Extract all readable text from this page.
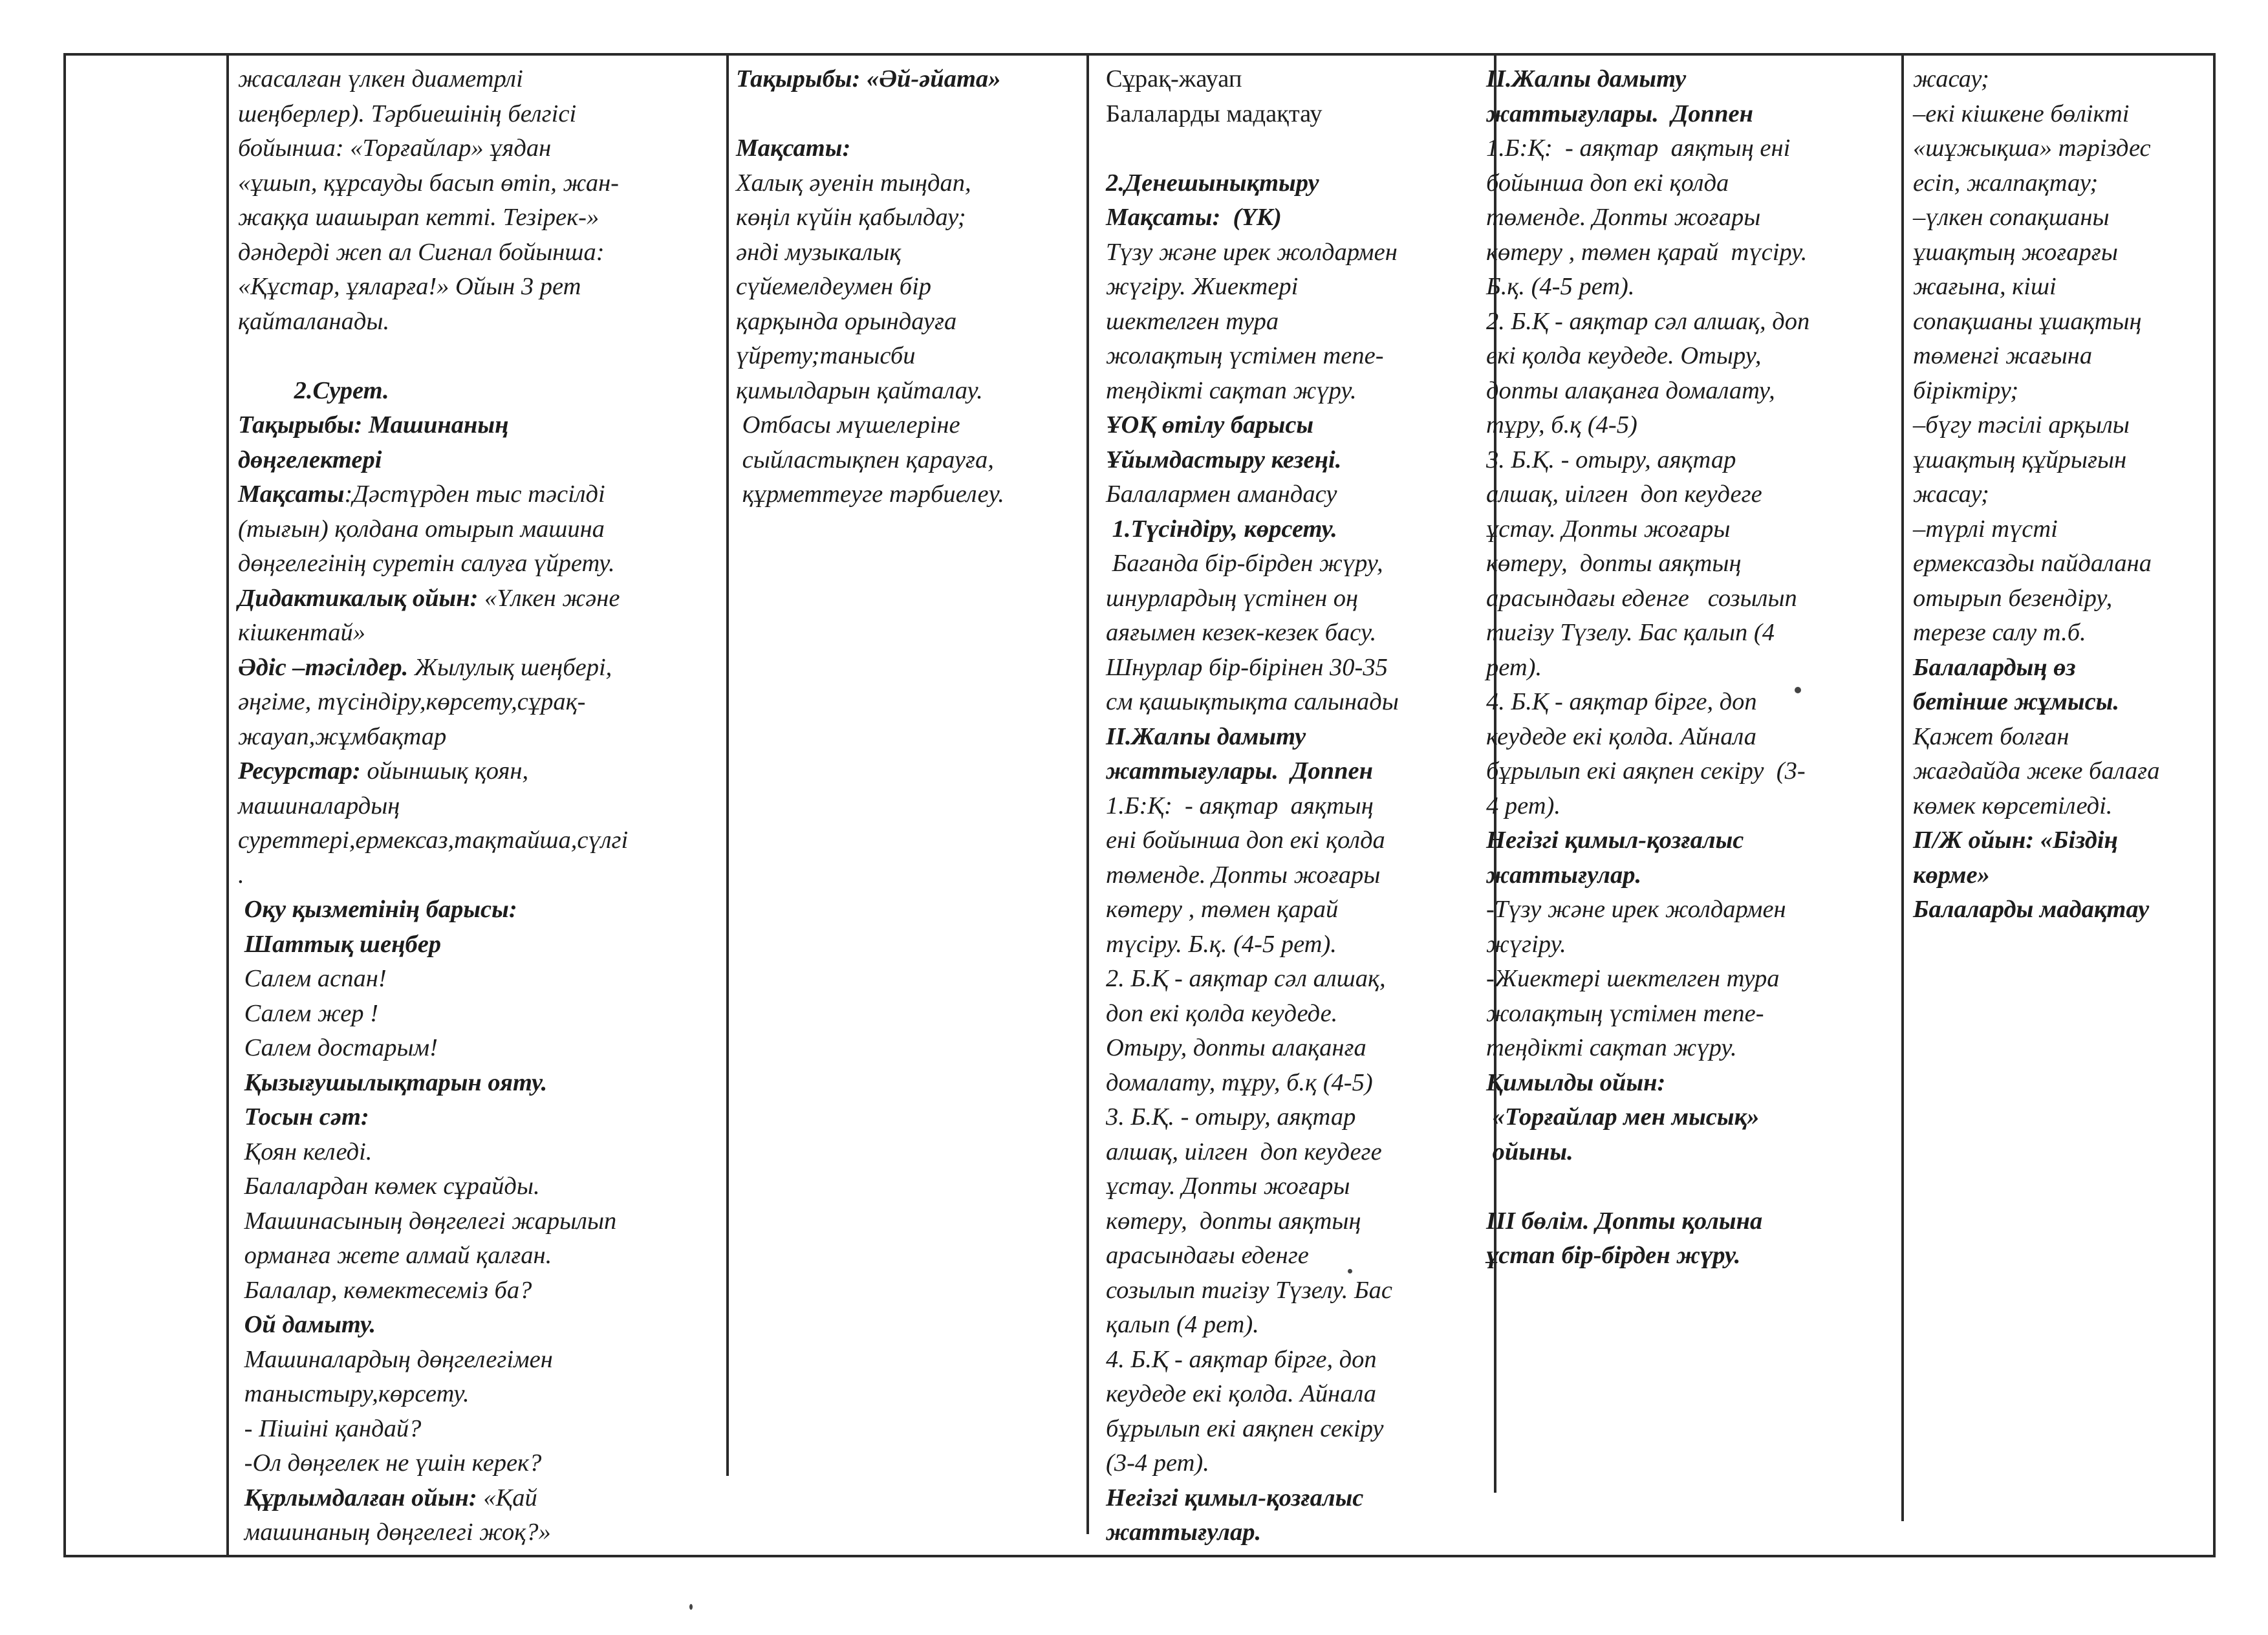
жасалған үлкен диаметрлі
шеңберлер). Тәрбиешінің белгісі
бойынша: «Торғайлар» ұядан
«ұшып, құрсауды басып өтіп, жан-
жаққа шашырап кетті. Тезірек-»
дәндерді жеп ал Сигнал бойынша:
«Құстар, ұяларға!» Ойын 3 рет
қайталанады.
2.Сурет.
Тақырыбы: Машинаның
дөңгелектері
Мақсаты:Дәстүрден тыс тәсілді
(тығын) қолдана отырып машина
дөңгелегінің суретін салуға үйрету.
Дидактикалық ойын: «Үлкен және
кішкентай»
Әдіс –тәсілдер. Жылулық шеңбері,
әңгіме, түсіндіру,көрсету,сұрақ-
жауап,жұмбақтар
Ресурстар: ойыншық қоян,
машиналардың
суреттері,ермексаз,тақтайша,сүлгі
.
Оқу қызметінің барысы:
Шаттық шеңбер
Салем аспан!
Салем жер !
Салем достарым!
Қызығушылықтарын ояту.
Тосын сәт:
Қоян келеді.
Балалардан көмек сұрайды.
Машинасының дөңгелегі жарылып
орманға жете алмай қалған.
Балалар, көмектесеміз ба?
Ой дамыту.
Машиналардың дөңгелегімен
таныстыру,көрсету.
- Пішіні қандай?
-Ол дөңгелек не үшін керек?
Құрлымдалған ойын: «Қай
машинаның дөңгелегі жоқ?»
Тақырыбы: «Әй-әйата»
Мақсаты:
Халық әуенін тыңдап,
көңіл күйін қабылдау;
әнді музыкалық
сүйемелдеумен бір
қарқында орындауға
үйрету;танысби
қимылдарын қайталау.
Отбасы мүшелеріне
сыйластықпен қарауға,
құрметтеуге тәрбиелеу.
Сұрақ-жауап
Балаларды мадақтау
2.Денешынықтыру
Мақсаты:  (ҮК)
Түзу және ирек жолдармен
жүгіру. Жиектері
шектелген тура
жолақтың үстімен тепе-
теңдікті сақтап жүру.
ҰОҚ өтілу барысы
Ұйымдастыру кезеңі.
Балалармен амандасу
1.Түсіндіру, көрсету.
Баганда бір-бірден жүру,
шнурлардың үстінен оң
аяғымен кезек-кезек басу.
Шнурлар бір-бірінен 30-35
см қашықтықта салынады
ІІ.Жалпы дамыту
жаттығулары.  Доппен
1.Б:Қ:  - аяқтар  аяқтың
ені бойынша доп екі қолда
төменде. Допты жоғары
көтеру , төмен қарай
түсіру. Б.қ. (4-5 рет).
2. Б.Қ - аяқтар сәл алшақ,
доп екі қолда кеудеде.
Отыру, допты алақанға
домалату, тұру, б.қ (4-5)
3. Б.Қ. - отыру, аяқтар
алшақ, иілген  доп кеудеге
ұстау. Допты жоғары
көтеру,  допты аяқтың
арасындағы еденге
созылып тигізу Түзелу. Бас
қалып (4 рет).
4. Б.Қ - аяқтар бірге, доп
кеудеде екі қолда. Айнала
бұрылып екі аяқпен секіру
(3-4 рет).
Негізгі қимыл-қозғалыс
жаттығулар.
ІІ.Жалпы дамыту
жаттығулары.  Доппен
1.Б:Қ:  - аяқтар  аяқтың ені
бойынша доп екі қолда
төменде. Допты жоғары
көтеру , төмен қарай  түсіру.
Б.қ. (4-5 рет).
2. Б.Қ - аяқтар сәл алшақ, доп
екі қолда кеудеде. Отыру,
допты алақанға домалату,
тұру, б.қ (4-5)
3. Б.Қ. - отыру, аяқтар
алшақ, иілген  доп кеудеге
ұстау. Допты жоғары
көтеру,  допты аяқтың
арасындағы еденге   созылып
тигізу Түзелу. Бас қалып (4
рет).
4. Б.Қ - аяқтар бірге, доп
кеудеде екі қолда. Айнала
бұрылып екі аяқпен секіру  (3-
4 рет).
Негізгі қимыл-қозғалыс
жаттығулар.
-Түзу және ирек жолдармен
жүгіру.
-Жиектері шектелген тура
жолақтың үстімен тепе-
теңдікті сақтап жүру.
Қимылды ойын:
«Торғайлар мен мысық»
ойыны.
ІІІ бөлім. Допты қолына
ұстап бір-бірден жүру.
жасау;
–екі кішкене бөлікті
«шұжықша» тәріздес
есіп, жалпақтау;
–үлкен сопақшаны
ұшақтың жоғарғы
жағына, кіші
сопақшаны ұшақтың
төменгі жағына
біріктіру;
–бүгу тәсілі арқылы
ұшақтың құйрығын
жасау;
–түрлі түсті
ермексазды пайдалана
отырып безендіру,
терезе салу т.б.
Балалардың өз
бетінше жұмысы.
Қажет болған
жағдайда жеке балаға
көмек көрсетіледі.
П/Ж ойын: «Біздің
көрме»
Балаларды мадақтау
